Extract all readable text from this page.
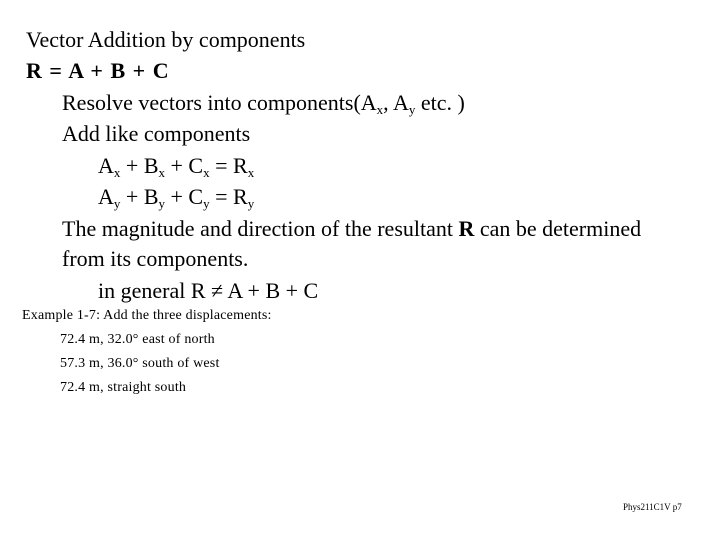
Vector Addition by components
R = A + B + C
Resolve vectors into $components(A_x$, $A_y$ etc. )
Add like components
$A_x + B_x + C_x = R_x$
$A_y + B_y + C_y = R_y$
The magnitude and direction of the resultant R can be determined
from its components.
in general R ≠ A + B + C
Example 1-7: Add the three displacements:
72.4 m, 32.0° east of north
57.3 m, 36.0° south of west
72.4 m, straight south
Phys211C1V p7
